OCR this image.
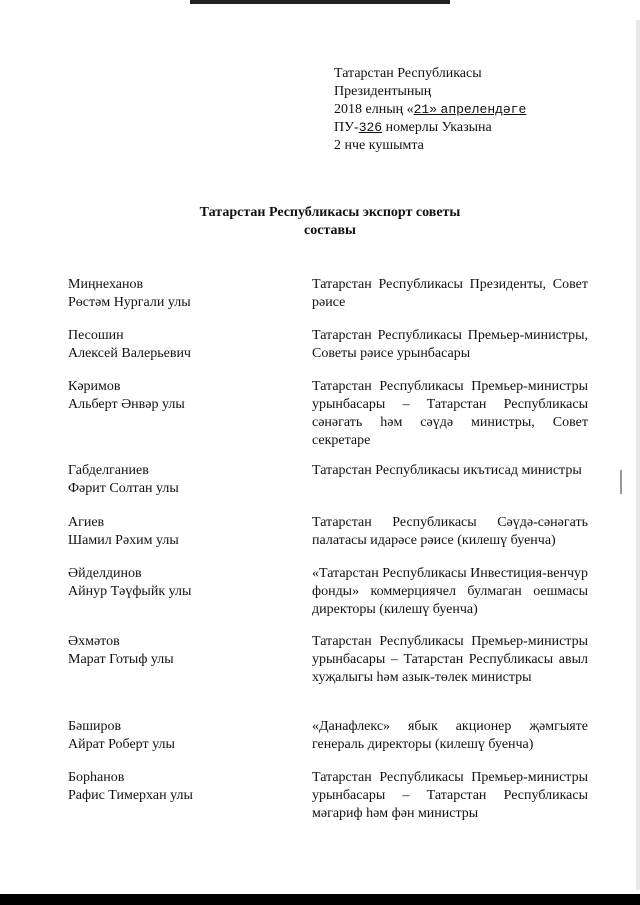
Татарстан Республикасы
Президентының
2018 елның «21» апрелендәге
ПУ-326 номерлы Указына
2 нче кушымта
Татарстан Республикасы экспорт советы
составы
Миңнеханов
Рөстәм Нургали улы
Татарстан Республикасы Президенты, Совет рәисе
Песошин
Алексей Валерьевич
Татарстан Республикасы Премьер-министры, Советы рәисе урынбасары
Кәримов
Альберт Әнвәр улы
Татарстан Республикасы Премьер-министры урынбасары – Татарстан Республикасы сәнәгать һәм сәүдә министры, Совет секретаре
Габделганиев
Фәрит Солтан улы
Татарстан Республикасы икътисад министры
Агиев
Шамил Рәхим улы
Татарстан Республикасы Сәүдә-сәнәгать палатасы идарәсе рәисе (килешү буенча)
Әйделдинов
Айнур Тәүфыйк улы
«Татарстан Республикасы Инвестиция-венчур фонды» коммерциячел булмаган оешмасы директоры (килешү буенча)
Әхмәтов
Марат Готыф улы
Татарстан Республикасы Премьер-министры урынбасары – Татарстан Республикасы авыл хуҗалыгы һәм азык-төлек министры
Бәширов
Айрат Роберт улы
«Данафлекс» ябык акционер җәмгыяте генераль директоры (килешү буенча)
Борһанов
Рафис Тимерхан улы
Татарстан Республикасы Премьер-министры урынбасары – Татарстан Республикасы мәгариф һәм фән министры
